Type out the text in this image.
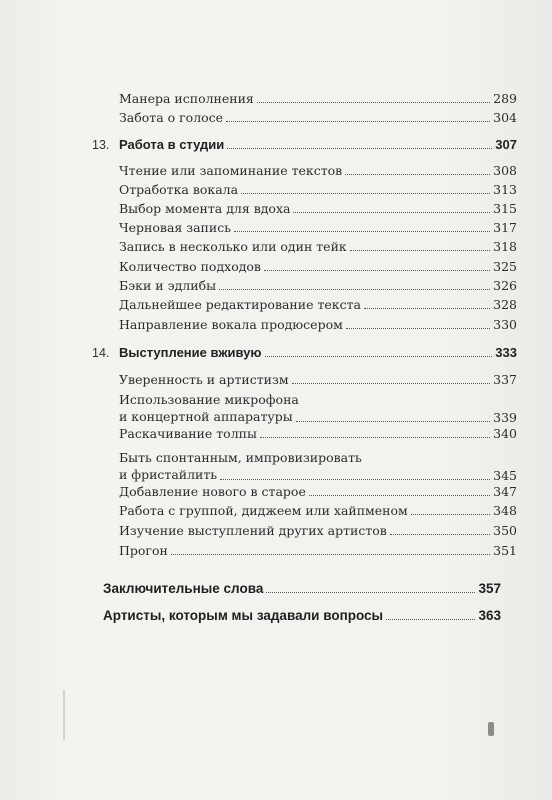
Манера исполнения	289
Забота о голосе	304
13. Работа в студии	307
Чтение или запоминание текстов	308
Отработка вокала	313
Выбор момента для вдоха	315
Черновая запись	317
Запись в несколько или один тейк	318
Количество подходов	325
Бэки и эдлибы	326
Дальнейшее редактирование текста	328
Направление вокала продюсером	330
14. Выступление вживую	333
Уверенность и артистизм	337
Использование микрофона
и концертной аппаратуры	339
Раскачивание толпы	340
Быть спонтанным, импровизировать
и фристайлить	345
Добавление нового в старое	347
Работа с группой, диджеем или хайпменом	348
Изучение выступлений других артистов	350
Прогон	351
Заключительные слова	357
Артисты, которым мы задавали вопросы	363
